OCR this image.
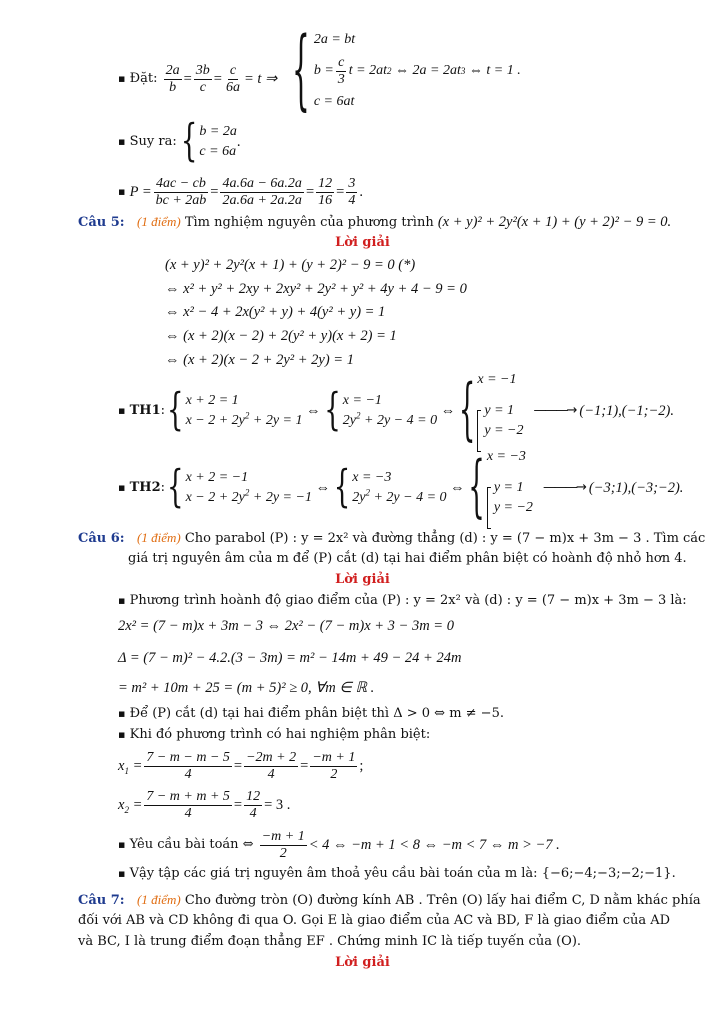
▪
Đặt:
$\frac{2a}{b} = \frac{3b}{c} = \frac{c}{6a} = t$ ⇒ { 2a = bt
$b = \frac{c}{3}$ t = 2at 2 ⇔ 2a = 2at 3 ⇔ t = 1 .
c = 6at
▪
Suy ra:
{ b = 2a
c = 6a
.
▪
$P = \frac{4ac - cb}{bc + 2ab} = \frac{4a.6a - 6a.2a}{2a.6a + 2a.2a} = \frac{12}{16} = \frac{3}{4}$ .
Câu 5: (1 điểm) Tìm nghiệm nguyên của phương trình (x + y)² + 2y²(x + 1) + (y + 2)² − 9 = 0.
Lời giải
(x + y)² + 2y²(x + 1) + (y + 2)² − 9 = 0 (*)
⇔ x² + y² + 2xy + 2xy² + 2y² + y² + 4y + 4 − 9 = 0
⇔ x² − 4 + 2x(y² + y) + 4(y² + y) = 1
⇔ (x + 2)(x − 2) + 2(y² + y)(x + 2) = 1
⇔ (x + 2)(x − 2 + 2y² + 2y) = 1
▪
TH1 : { x + 2 = 1
$x - 2 + 2y^2 + 2y = 1$
⇔ { x = −1
$2y^2 + 2y - 4 = 0$
⇔ { x = −1
y = 1
y = −2
———→ (−1;1),(−1;−2).
▪
TH2 : { x + 2 = −1
$x - 2 + 2y^2 + 2y = -1$
⇔ { x = −3
$2y^2 + 2y - 4 = 0$
⇔ { x = −3
y = 1
y = −2
———→ (−3;1),(−3;−2).
Câu 6: (1 điểm) Cho parabol (P) : y = 2x² và đường thẳng (d) : y = (7 − m)x + 3m − 3 . Tìm các
giá trị nguyên âm của m để (P) cắt (d) tại hai điểm phân biệt có hoành độ nhỏ hơn 4.
Lời giải
▪ Phương trình hoành độ giao điểm của (P) : y = 2x² và (d) : y = (7 − m)x + 3m − 3 là:
2x² = (7 − m)x + 3m − 3 ⇔ 2x² − (7 − m)x + 3 − 3m = 0
Δ = (7 − m)² − 4.2.(3 − 3m) = m² − 14m + 49 − 24 + 24m
= m² + 10m + 25 = (m + 5)² ≥ 0, ∀m ∈ ℝ .
▪ Để (P) cắt (d) tại hai điểm phân biệt thì Δ > 0 ⇔ m ≠ −5.
▪ Khi đó phương trình có hai nghiệm phân biệt:
$x_1 = \frac{7 - m - m - 5}{4} = \frac{-2m + 2}{4} = \frac{-m + 1}{2}$ ;
$x_2 = \frac{7 - m + m + 5}{4} = \frac{12}{4} = 3$ .
▪
Yêu cầu bài toán ⇔
$\frac{-m + 1}{2} < 4$ ⇔ −m + 1 < 8 ⇔ −m < 7 ⇔ m > −7 .
▪ Vậy tập các giá trị nguyên âm thoả yêu cầu bài toán của m là: {−6;−4;−3;−2;−1}.
Câu 7: (1 điểm) Cho đường tròn (O) đường kính AB . Trên (O) lấy hai điểm C, D nằm khác phía
đối với AB và CD không đi qua O. Gọi E là giao điểm của AC và BD, F là giao điểm của AD
và BC, I là trung điểm đoạn thẳng EF . Chứng minh IC là tiếp tuyến của (O).
Lời giải
